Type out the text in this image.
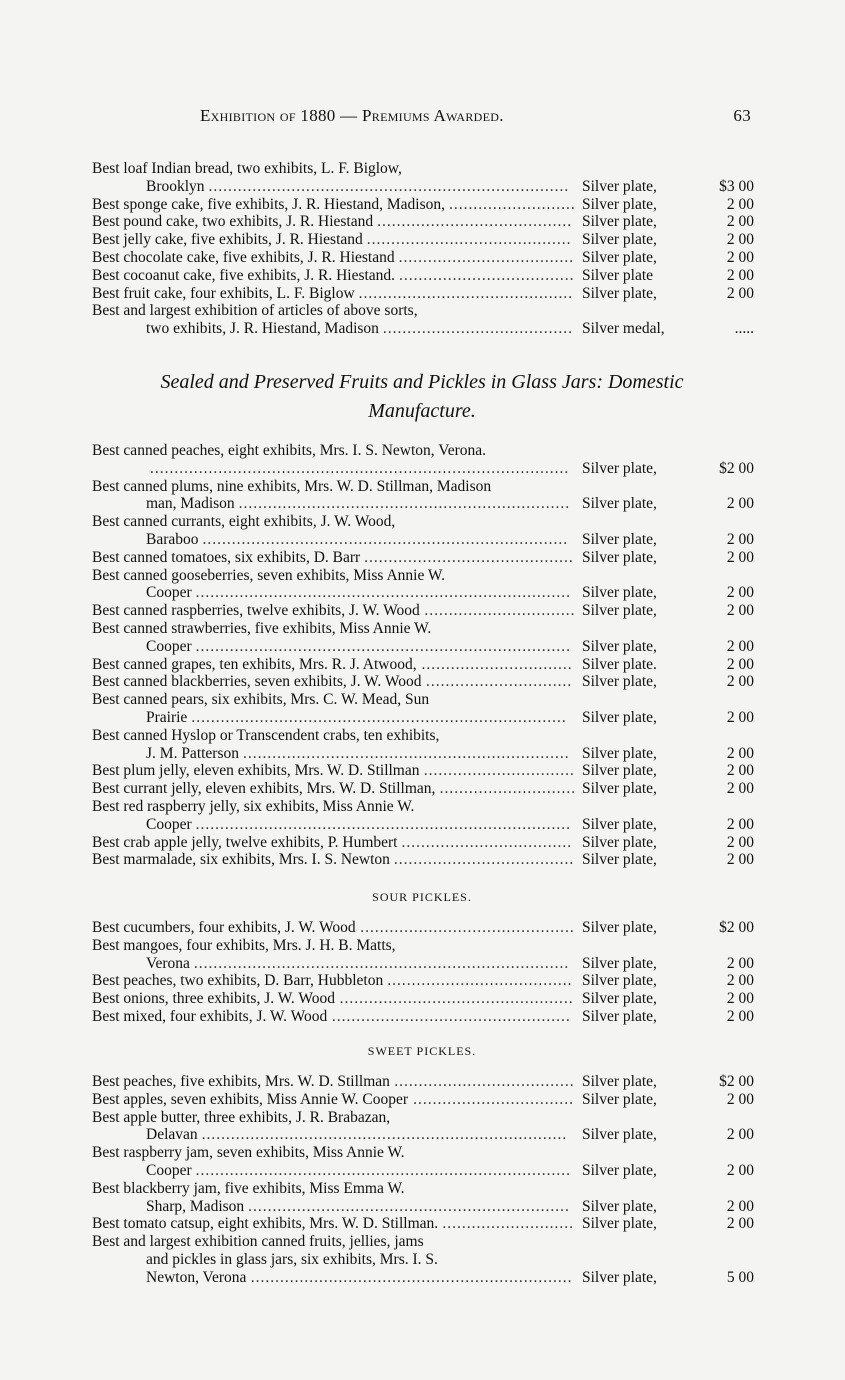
Exhibition of 1880 — Premiums Awarded.	63
Best loaf Indian bread, two exhibits, L. F. Biglow,
Brooklyn .......................................................................... Silver plate,	$3 00
Best sponge cake, five exhibits, J. R. Hiestand, Madison, .......................... Silver plate,	2 00
Best pound cake, two exhibits, J. R. Hiestand ........................................ Silver plate,	2 00
Best jelly cake, five exhibits, J. R. Hiestand .......................................... Silver plate,	2 00
Best chocolate cake, five exhibits, J. R. Hiestand .................................... Silver plate,	2 00
Best cocoanut cake, five exhibits, J. R. Hiestand. .................................... Silver plate	2 00
Best fruit cake, four exhibits, L. F. Biglow ............................................ Silver plate,	2 00
Best and largest exhibition of articles of above sorts,
two exhibits, J. R. Hiestand, Madison ....................................... Silver medal,	.....
Sealed and Preserved Fruits and Pickles in Glass Jars: Domestic
Manufacture.
Best canned peaches, eight exhibits, Mrs. I. S. Newton, Verona.
...................................................................................... Silver plate,	$2 00
Best canned plums, nine exhibits, Mrs. W. D. Stillman, Madison
man, Madison .................................................................... Silver plate,	2 00
Best canned currants, eight exhibits, J. W. Wood,
Baraboo ........................................................................... Silver plate,	2 00
Best canned tomatoes, six exhibits, D. Barr ........................................... Silver plate,	2 00
Best canned gooseberries, seven exhibits, Miss Annie W.
Cooper ............................................................................. Silver plate,	2 00
Best canned raspberries, twelve exhibits, J. W. Wood ............................... Silver plate,	2 00
Best canned strawberries, five exhibits, Miss Annie W.
Cooper ............................................................................. Silver plate,	2 00
Best canned grapes, ten exhibits, Mrs. R. J. Atwood, ............................... Silver plate.	2 00
Best canned blackberries, seven exhibits, J. W. Wood .............................. Silver plate,	2 00
Best canned pears, six exhibits, Mrs. C. W. Mead, Sun
Prairie ............................................................................. Silver plate,	2 00
Best canned Hyslop or Transcendent crabs, ten exhibits,
J. M. Patterson ................................................................... Silver plate,	2 00
Best plum jelly, eleven exhibits, Mrs. W. D. Stillman ............................... Silver plate,	2 00
Best currant jelly, eleven exhibits, Mrs. W. D. Stillman, ............................ Silver plate,	2 00
Best red raspberry jelly, six exhibits, Miss Annie W.
Cooper ............................................................................. Silver plate,	2 00
Best crab apple jelly, twelve exhibits, P. Humbert ................................... Silver plate,	2 00
Best marmalade, six exhibits, Mrs. I. S. Newton ..................................... Silver plate,	2 00
SOUR PICKLES.
Best cucumbers, four exhibits, J. W. Wood ............................................ Silver plate,	$2 00
Best mangoes, four exhibits, Mrs. J. H. B. Matts,
Verona ............................................................................. Silver plate,	2 00
Best peaches, two exhibits, D. Barr, Hubbleton ...................................... Silver plate,	2 00
Best onions, three exhibits, J. W. Wood ................................................ Silver plate,	2 00
Best mixed, four exhibits, J. W. Wood ................................................. Silver plate,	2 00
SWEET PICKLES.
Best peaches, five exhibits, Mrs. W. D. Stillman ..................................... Silver plate,	$2 00
Best apples, seven exhibits, Miss Annie W. Cooper ................................. Silver plate,	2 00
Best apple butter, three exhibits, J. R. Brabazan,
Delavan ........................................................................... Silver plate,	2 00
Best raspberry jam, seven exhibits, Miss Annie W.
Cooper ............................................................................. Silver plate,	2 00
Best blackberry jam, five exhibits, Miss Emma W.
Sharp, Madison .................................................................. Silver plate,	2 00
Best tomato catsup, eight exhibits, Mrs. W. D. Stillman. ........................... Silver plate,	2 00
Best and largest exhibition canned fruits, jellies, jams
and pickles in glass jars, six exhibits, Mrs. I. S.
Newton, Verona .................................................................. Silver plate,	5 00
